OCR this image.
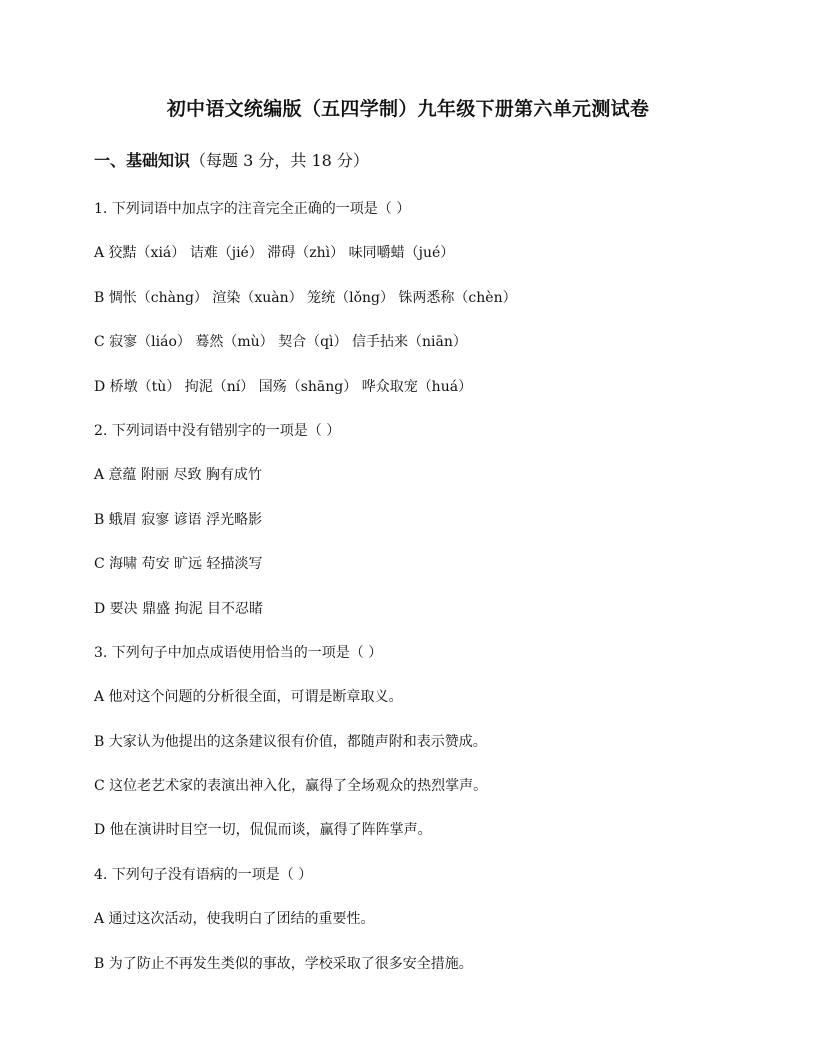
初中语文统编版（五四学制）九年级下册第六单元测试卷
一、基础知识（每题 3 分，共 18 分）
1. 下列词语中加点字的注音完全正确的一项是（ ）
A 狡黠（xiá） 诘难（jié） 滞碍（zhì） 味同嚼蜡（jué）
B 惆怅（chàng） 渲染（xuàn） 笼统（lǒng） 铢两悉称（chèn）
C 寂寥（liáo） 蓦然（mù） 契合（qì） 信手拈来（niān）
D 桥墩（tù） 拘泥（ní） 国殇（shāng） 哗众取宠（huá）
2. 下列词语中没有错别字的一项是（ ）
A 意蕴 附丽 尽致 胸有成竹
B 蛾眉 寂寥 谚语 浮光略影
C 海啸 苟安 旷远 轻描淡写
D 要决 鼎盛 拘泥 目不忍睹
3. 下列句子中加点成语使用恰当的一项是（ ）
A 他对这个问题的分析很全面，可谓是断章取义。
B 大家认为他提出的这条建议很有价值，都随声附和表示赞成。
C 这位老艺术家的表演出神入化，赢得了全场观众的热烈掌声。
D 他在演讲时目空一切，侃侃而谈，赢得了阵阵掌声。
4. 下列句子没有语病的一项是（ ）
A 通过这次活动，使我明白了团结的重要性。
B 为了防止不再发生类似的事故，学校采取了很多安全措施。
